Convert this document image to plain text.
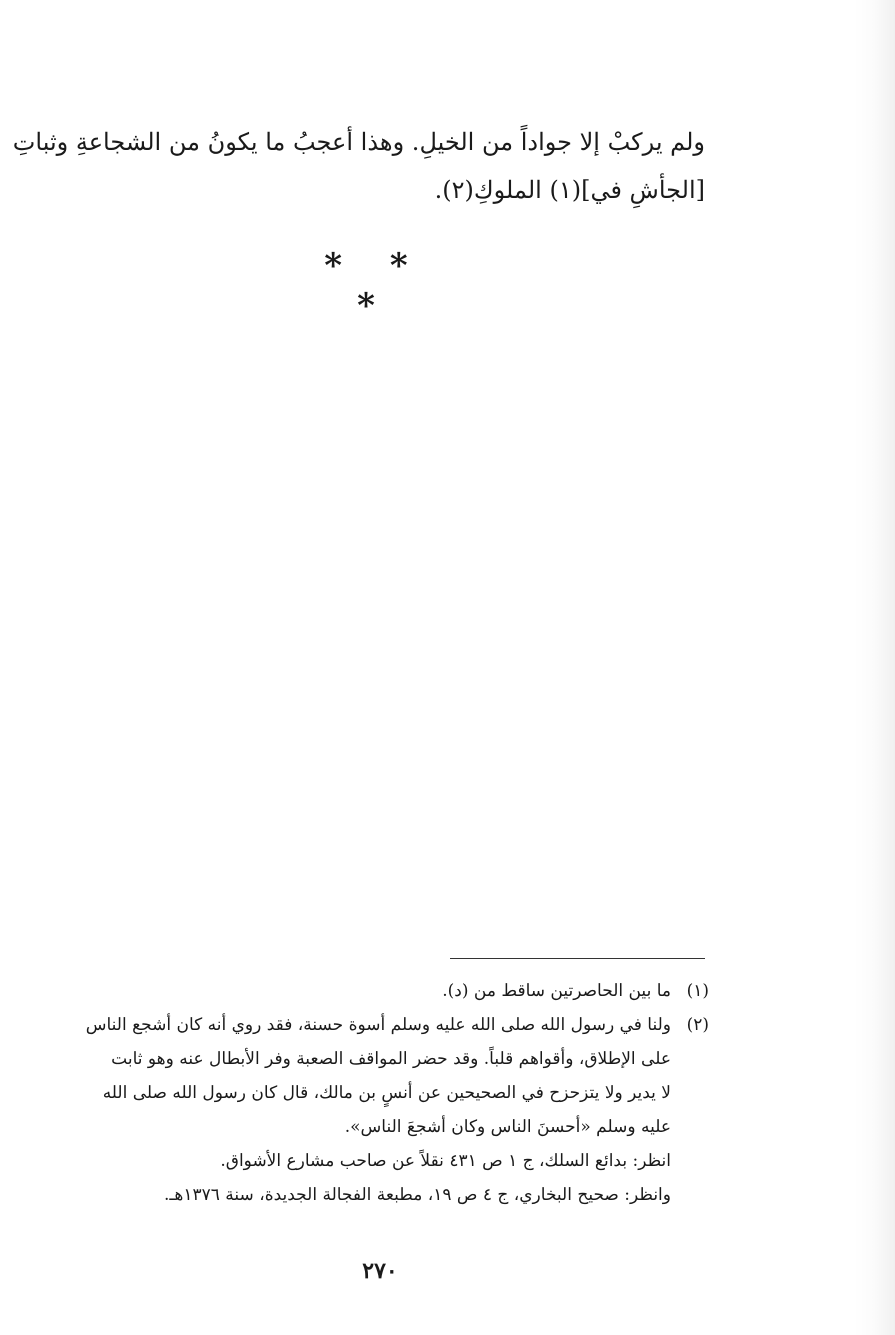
ولم يركبْ إلا جواداً من الخيلِ. وهذا أعجبُ ما يكونُ من الشجاعةِ وثباتِ
[الجأشِ في](١) الملوكِ(٢).
* * *
(١)
ما بين الحاصرتين ساقط من (د).
(٢)
ولنا في رسول الله صلى الله عليه وسلم أسوة حسنة، فقد روي أنه كان أشجع الناس
على الإطلاق، وأقواهم قلباً. وقد حضر المواقف الصعبة وفر الأبطال عنه وهو ثابت
لا يدير ولا يتزحزح في الصحيحين عن أنسٍ بن مالك، قال كان رسول الله صلى الله
عليه وسلم «أحسنَ الناس وكان أشجعَ الناس».
انظر: بدائع السلك، ج ١ ص ٤٣١ نقلاً عن صاحب مشارع الأشواق.
وانظر: صحيح البخاري، ج ٤ ص ١٩، مطبعة الفجالة الجديدة، سنة ١٣٧٦هـ.
٢٧٠
